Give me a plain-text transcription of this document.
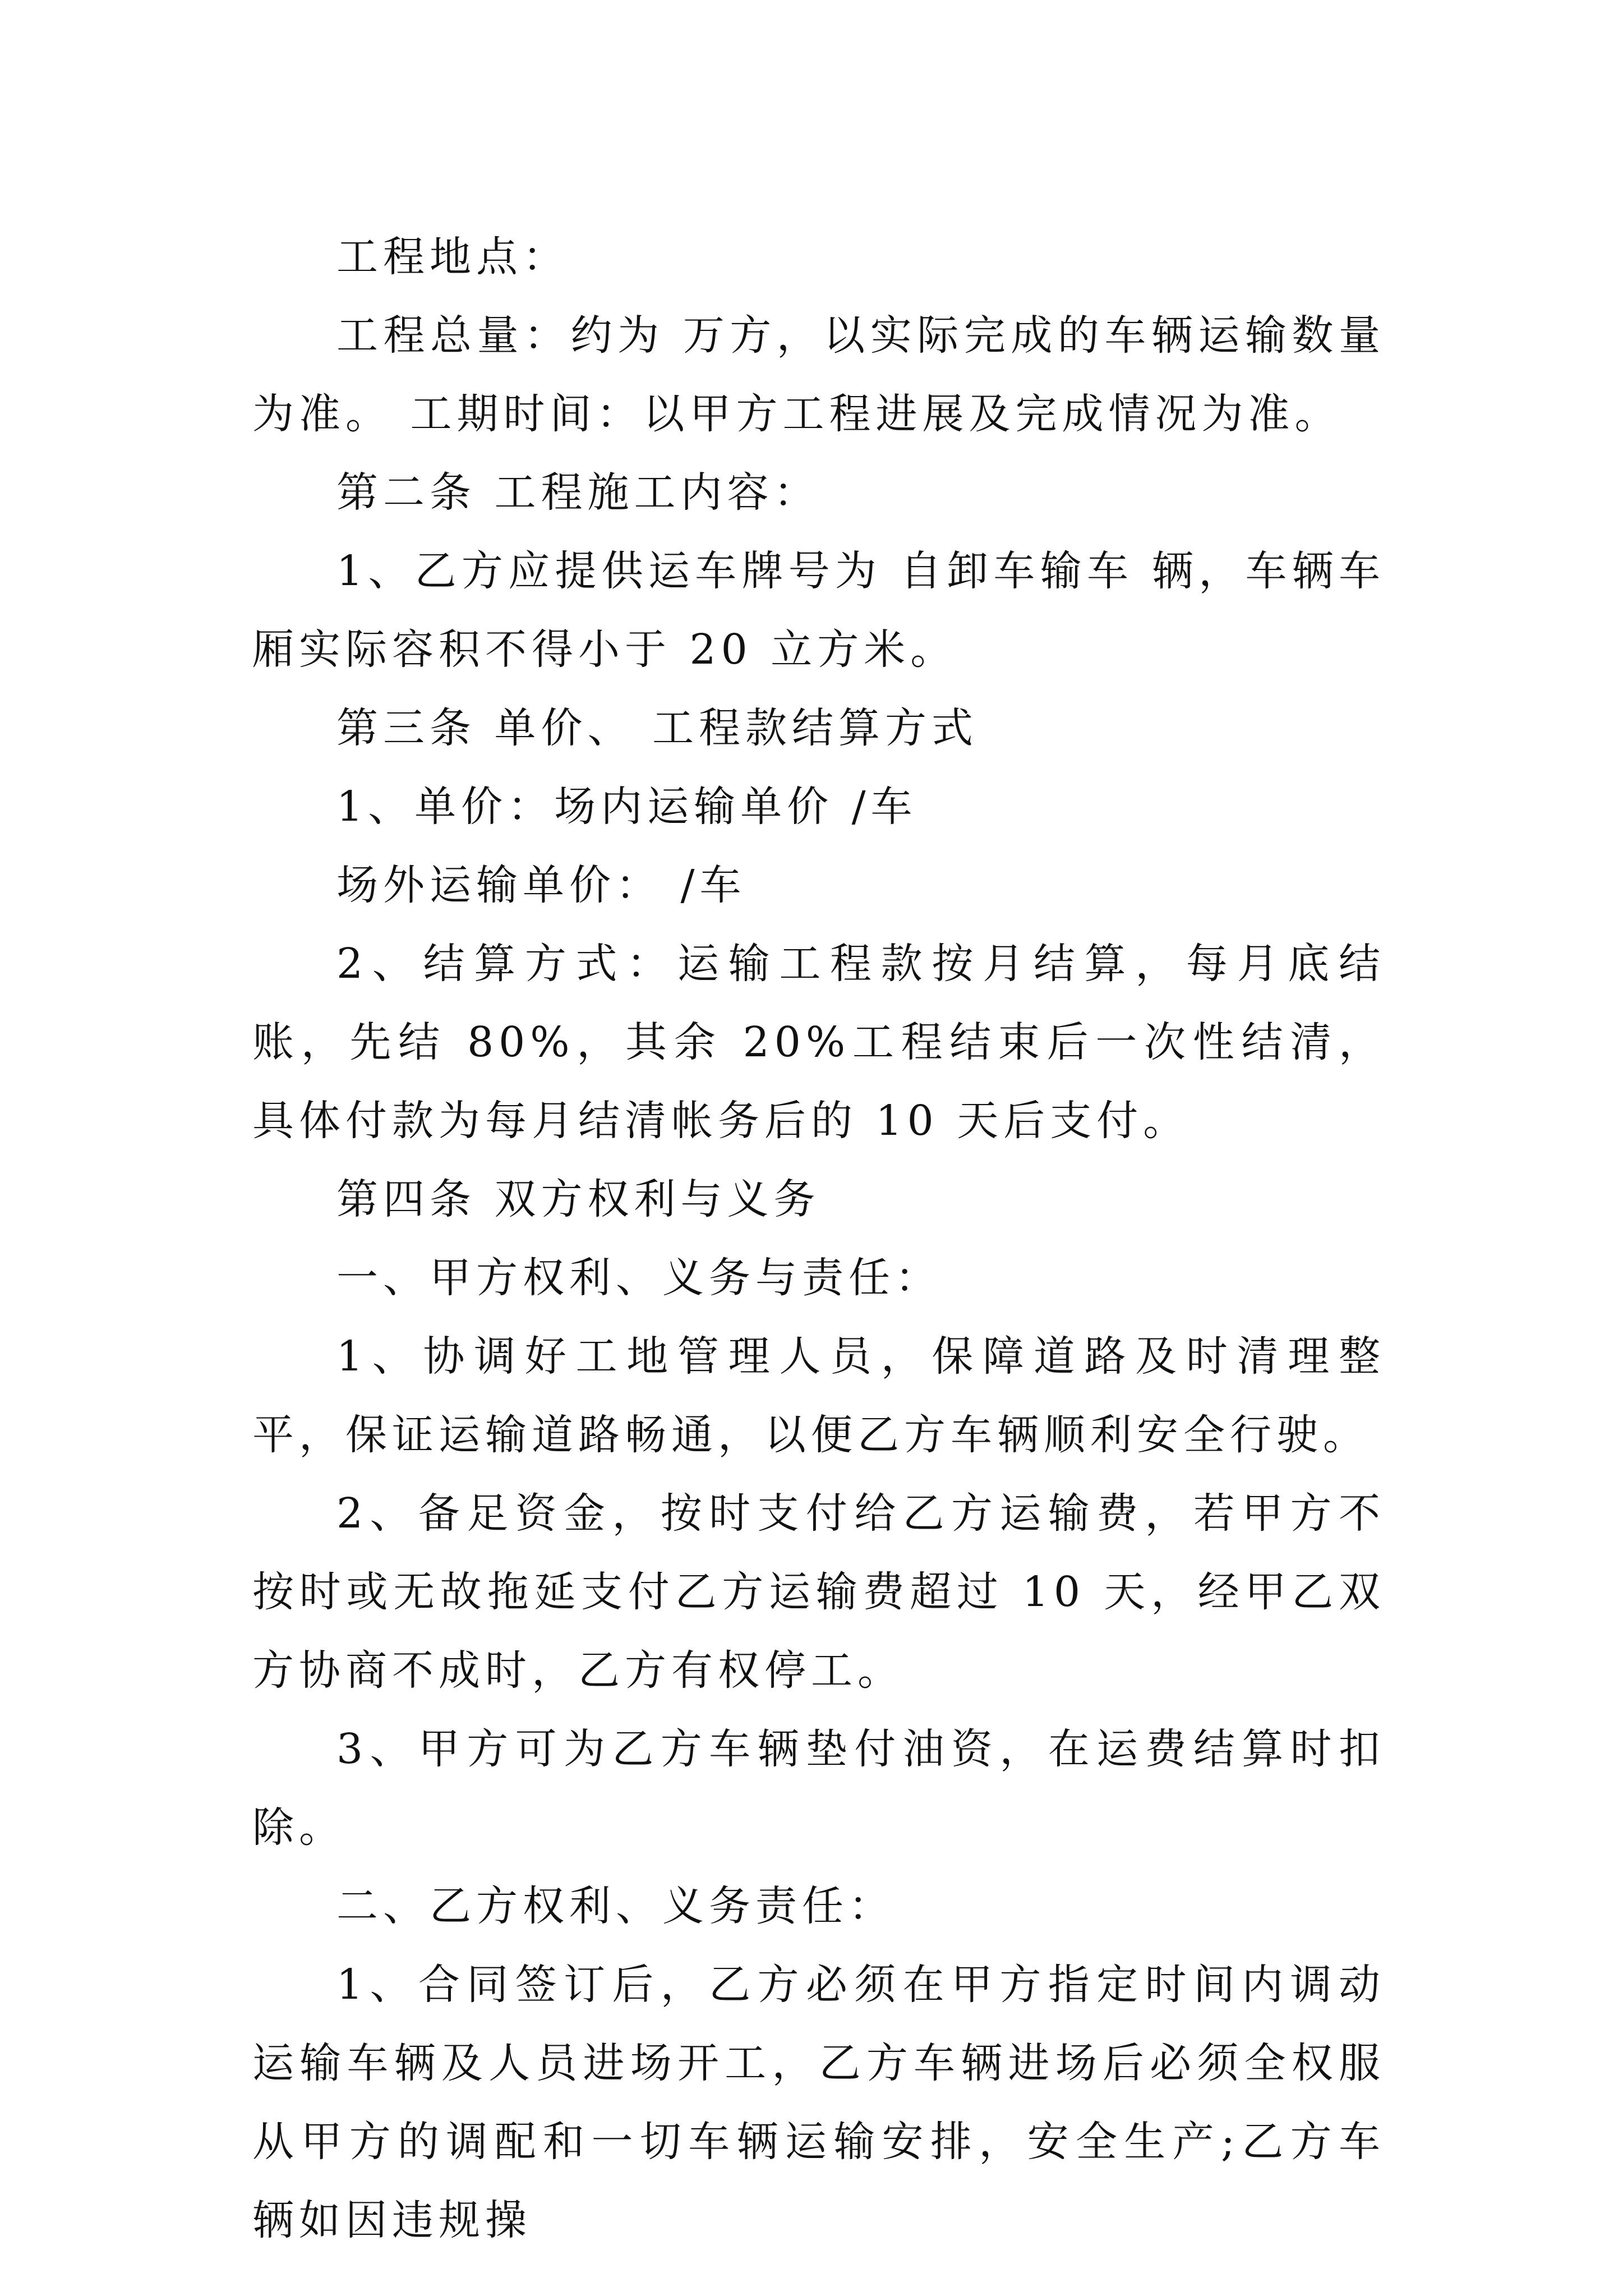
工程地点：

工程总量：约为 万方，以实际完成的车辆运输数量为准。 工期时间：以甲方工程进展及完成情况为准。

第二条 工程施工内容：

1、乙方应提供运车牌号为 自卸车输车 辆，车辆车厢实际容积不得小于 20 立方米。

第三条 单价、 工程款结算方式

1、单价：场内运输单价 /车

场外运输单价： /车

2、结算方式：运输工程款按月结算，每月底结账，先结 80%，其余 20%工程结束后一次性结清，具体付款为每月结清帐务后的 10 天后支付。

第四条 双方权利与义务

一、甲方权利、义务与责任：

1、协调好工地管理人员，保障道路及时清理整平，保证运输道路畅通，以便乙方车辆顺利安全行驶。

2、备足资金，按时支付给乙方运输费，若甲方不按时或无故拖延支付乙方运输费超过 10 天，经甲乙双方协商不成时，乙方有权停工。

3、甲方可为乙方车辆垫付油资，在运费结算时扣除。

二、乙方权利、义务责任：

1、合同签订后，乙方必须在甲方指定时间内调动运输车辆及人员进场开工，乙方车辆进场后必须全权服从甲方的调配和一切车辆运输安排，安全生产;乙方车辆如因违规操
